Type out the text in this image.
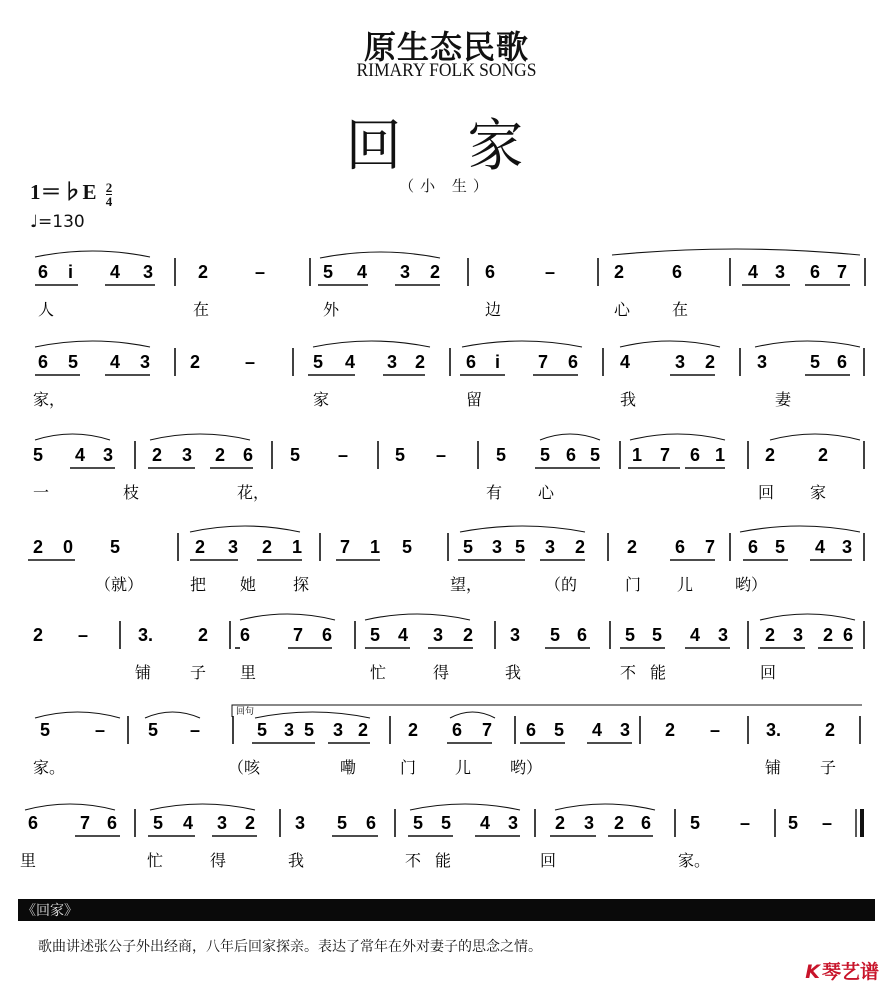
原生态民歌
RIMARY FOLK SONGS
回 家
（小 生）
1＝♭E $\frac{2}{4}$
♩=130
6 i 4 3 2	–	5 4 3 2 6	–	2	6	4 3 6 7
人	在	外	边	心	在
6 5 4 3 2 –	5 4 3 2 6 i 7 6 4 3 2 3 5 6
家，	家	留	我	妻
5 4 3 2 3 2 6 5 –	5 –	5 5 6 5 1 7 6 1 2 2
一	枝	花，	有 心	回 家
2 0 5	2 3 2 1 7 1 5	5 3 5 3 2 2 6 7 6 5 4 3
（就）	把 她 探	望，	（的	门 儿	哟）
2 –	3. 2 6 7 6 5 4 3 2 3 5 6 5 5 4 3 2 3 2 6
铺 子 里	忙	得	我	不 能	回
5 – 5 –	5 3 5 3 2 2 6 7 6 5 4 3 2 –	3. 2
家。	（咳	嘞	门 儿 哟）	铺 子
6 7 6 5 4 3 2 3 5 6 5 5 4 3 2 3 2 6 5 – 5 –
里	忙	得	我	不 能	回	家。
回句
《回家》
歌曲讲述张公子外出经商，八年后回家探亲。表达了常年在外对妻子的思念之情。
K 琴艺谱
